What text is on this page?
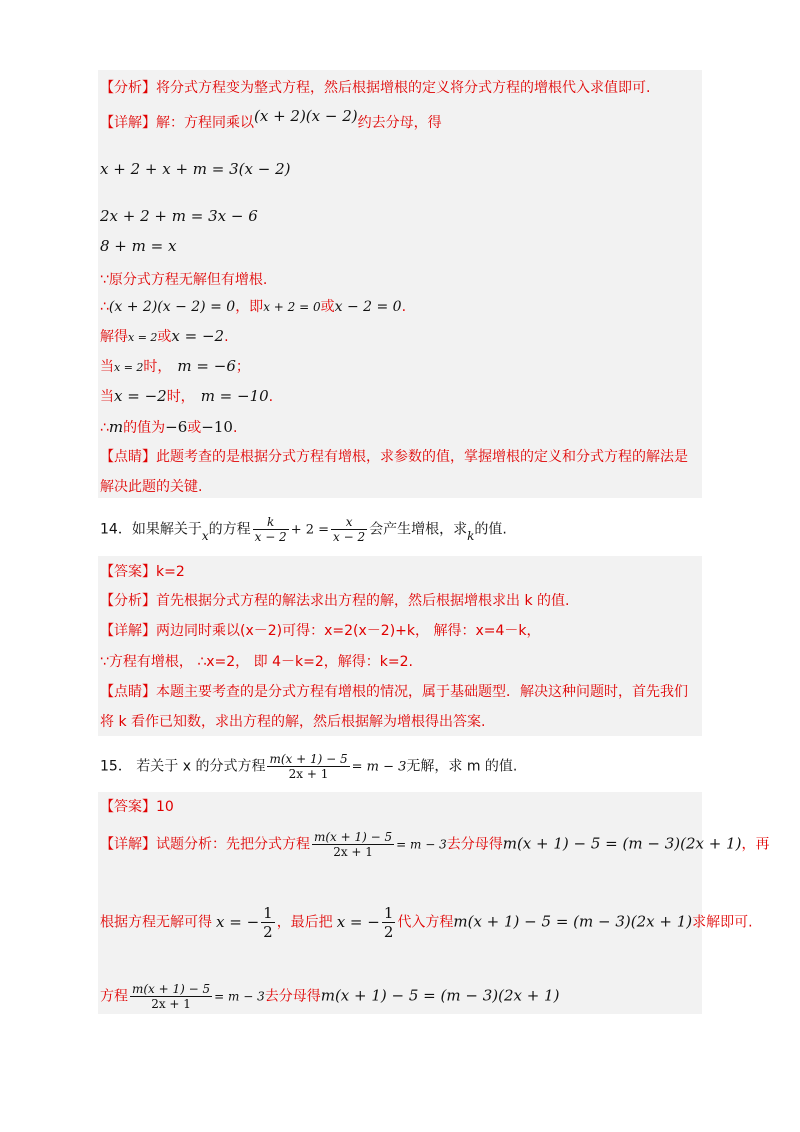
【分析】将分式方程变为整式方程，然后根据增根的定义将分式方程的增根代入求值即可.
【详解】解：方程同乘以(x + 2)(x − 2)约去分母，得
x + 2 + x + m = 3(x − 2)
2x + 2 + m = 3x − 6
8 + m = x
∵原分式方程无解但有增根.
∴(x + 2)(x − 2) = 0，即x + 2 = 0或x − 2 = 0.
解得x = 2或x = −2.
当x = 2时， m = −6；
当x = −2时， m = −10.
∴m的值为−6或−10.
【点睛】此题考查的是根据分式方程有增根，求参数的值，掌握增根的定义和分式方程的解法是
解决此题的关键.
14．如果解关于x的方程 $\frac{k}{x - 2} + 2 = \frac{x}{x - 2}$ 会产生增根，求k的值.
【答案】k=2
【分析】首先根据分式方程的解法求出方程的解，然后根据增根求出 k 的值.
【详解】两边同时乘以(x－2)可得：x=2(x－2)+k， 解得：x=4－k，
∵方程有增根， ∴x=2， 即 4－k=2，解得：k=2.
【点睛】本题主要考查的是分式方程有增根的情况，属于基础题型．解决这种问题时，首先我们
将 k 看作已知数，求出方程的解，然后根据解为增根得出答案.
15． 若关于 x 的分式方程 $\frac{m(x + 1) - 5}{2x + 1} = m - 3$无解，求 m 的值.
【答案】10
【详解】试题分析：先把分式方程 $\frac{m(x + 1) - 5}{2x + 1} = m - 3$去分母得m(x + 1) − 5 = (m − 3)(2x + 1)，再
根据方程无解可得 x = − $\frac{1}{2}$ ，最后把 x = − $\frac{1}{2}$ 代入方程m(x + 1) − 5 = (m − 3)(2x + 1)求解即可.
方程 $\frac{m(x + 1) - 5}{2x + 1} = m - 3$去分母得m(x + 1) − 5 = (m − 3)(2x + 1)
